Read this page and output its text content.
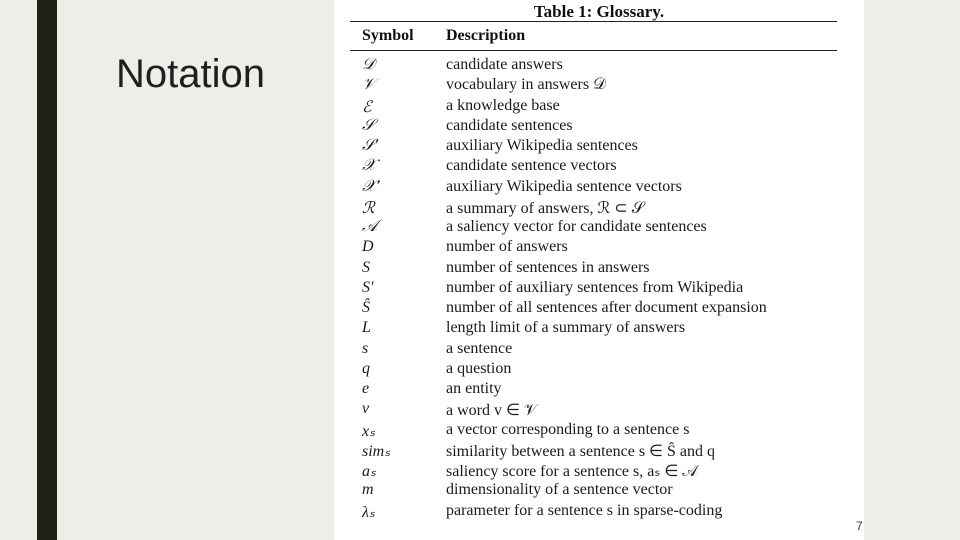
Notation
Table 1: Glossary.
Symbol Description
𝒟	candidate answers
𝒱	vocabulary in answers 𝒟
ℰ	a knowledge base
𝒮	candidate sentences
𝒮′	auxiliary Wikipedia sentences
𝒳	candidate sentence vectors
𝒳′	auxiliary Wikipedia sentence vectors
ℛ	a summary of answers, ℛ ⊂ 𝒮
𝒜	a saliency vector for candidate sentences
D	number of answers
S	number of sentences in answers
S′	number of auxiliary sentences from Wikipedia
Ŝ	number of all sentences after document expansion
L	length limit of a summary of answers
s	a sentence
q	a question
e	an entity
v	a word v ∈ 𝒱
xₛ	a vector corresponding to a sentence s
simₛ	similarity between a sentence s ∈ Ŝ and q
aₛ	saliency score for a sentence s, aₛ ∈ 𝒜
m	dimensionality of a sentence vector
λₛ	parameter for a sentence s in sparse-coding
7
